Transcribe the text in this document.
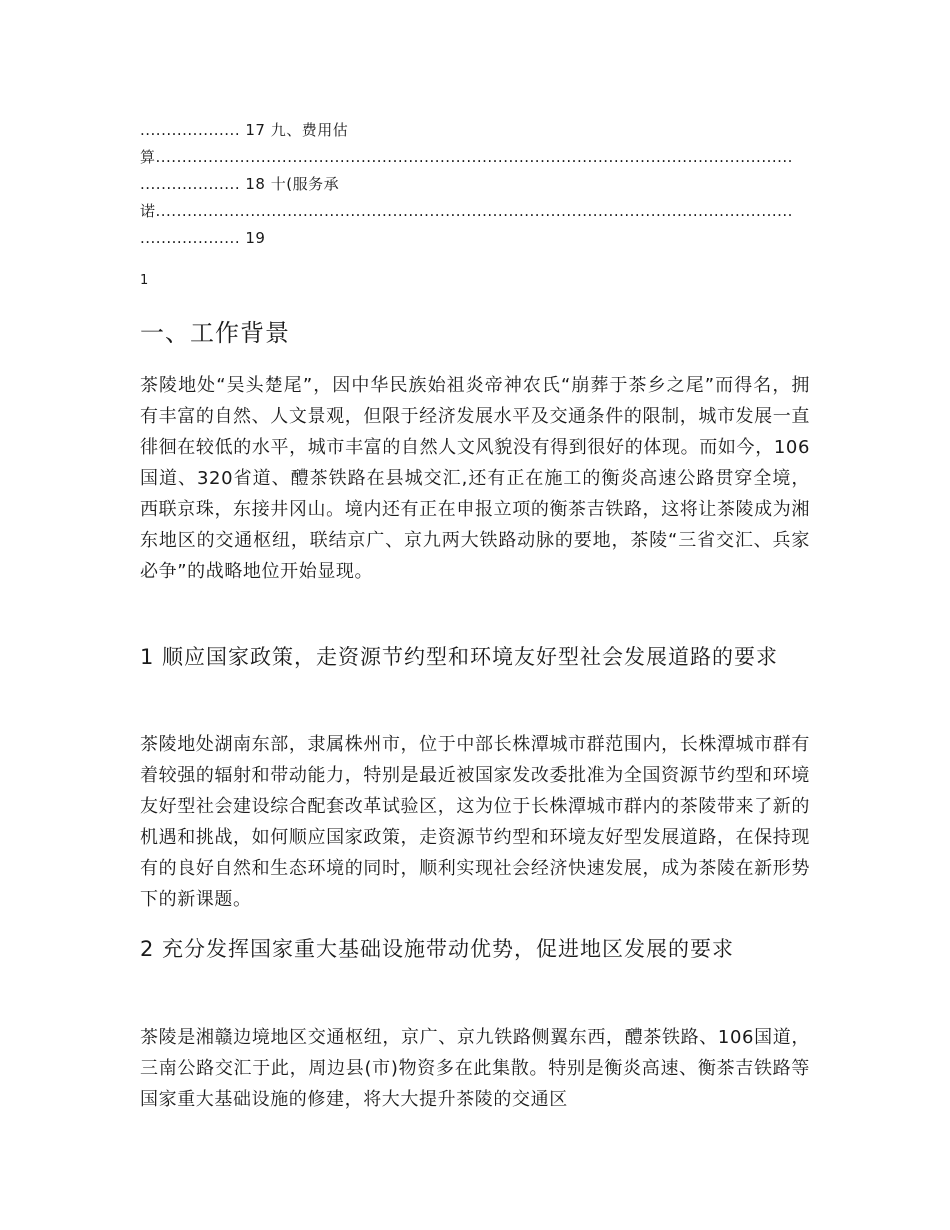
................... 17 九、费用估
算.........................................................................................................................
................... 18 十(服务承
诺.........................................................................................................................
................... 19
1
一、工作背景

茶陵地处“吴头楚尾”，因中华民族始祖炎帝神农氏“崩葬于茶乡之尾”而得名，拥有丰富的自然、人文景观，但限于经济发展水平及交通条件的限制，城市发展一直徘徊在较低的水平，城市丰富的自然人文风貌没有得到很好的体现。而如今，106国道、320省道、醴茶铁路在县城交汇,还有正在施工的衡炎高速公路贯穿全境，西联京珠，东接井冈山。境内还有正在申报立项的衡茶吉铁路，这将让茶陵成为湘东地区的交通枢纽，联结京广、京九两大铁路动脉的要地，茶陵“三省交汇、兵家必争”的战略地位开始显现。

1 顺应国家政策，走资源节约型和环境友好型社会发展道路的要求

茶陵地处湖南东部，隶属株州市，位于中部长株潭城市群范围内，长株潭城市群有着较强的辐射和带动能力，特别是最近被国家发改委批准为全国资源节约型和环境友好型社会建设综合配套改革试验区，这为位于长株潭城市群内的茶陵带来了新的机遇和挑战，如何顺应国家政策，走资源节约型和环境友好型发展道路，在保持现有的良好自然和生态环境的同时，顺利实现社会经济快速发展，成为茶陵在新形势下的新课题。

2 充分发挥国家重大基础设施带动优势，促进地区发展的要求

茶陵是湘赣边境地区交通枢纽，京广、京九铁路侧翼东西，醴茶铁路、106国道，三南公路交汇于此，周边县(市)物资多在此集散。特别是衡炎高速、衡茶吉铁路等国家重大基础设施的修建，将大大提升茶陵的交通区
